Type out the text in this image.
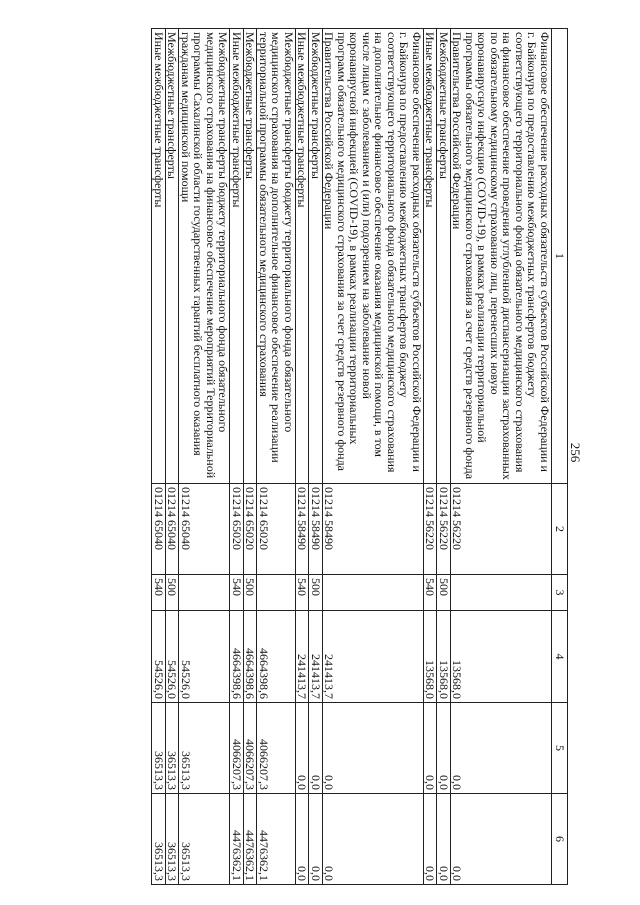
256
1	2	3	4	5	6
Финансовое обеспечение расходных обязательств субъектов Российской Федерации и г. Байконура по предоставлению межбюджетных трансфертов бюджету соответствующего территориального фонда обязательного медицинского страхования на финансовое обеспечение проведения углубленной диспансеризации застрахованных по обязательному медицинскому страхованию лиц, перенесших новую коронавирусную инфекцию (COVID-19), в рамках реализации территориальной программы обязательного медицинского страхования за счет средств резервного фонда Правительства Российской Федерации	01214 56220		13568,0	0,0	0,0
Межбюджетные трансферты	01214 56220	500	13568,0	0,0	0,0
Иные межбюджетные трансферты	01214 56220	540	13568,0	0,0	0,0
Финансовое обеспечение расходных обязательств субъектов Российской Федерации и г. Байконура по предоставлению межбюджетных трансфертов бюджету соответствующего территориального фонда обязательного медицинского страхования на дополнительное финансовое обеспечение оказания медицинской помощи, в том числе лицам с заболеванием и (или) подозрением на заболевание новой коронавирусной инфекцией (COVID-19), в рамках реализации территориальных программ обязательного медицинского страхования за счет средств резервного фонда Правительства Российской Федерации	01214 58490		241413,7	0,0	0,0
Межбюджетные трансферты	01214 58490	500	241413,7	0,0	0,0
Иные межбюджетные трансферты	01214 58490	540	241413,7	0,0	0,0
Межбюджетные трансферты бюджету территориального фонда обязательного медицинского страхования на дополнительное финансовое обеспечение реализации территориальной программы обязательного медицинского страхования	01214 65020		4664398,6	4066207,3	4476362,1
Межбюджетные трансферты	01214 65020	500	4664398,6	4066207,3	4476362,1
Иные межбюджетные трансферты	01214 65020	540	4664398,6	4066207,3	4476362,1
Межбюджетные трансферты бюджету территориального фонда обязательного медицинского страхования на финансовое обеспечение мероприятий Территориальной программы Сахалинской области государственных гарантий бесплатного оказания гражданам медицинской помощи	01214 65040		54526,0	36513,3	36513,3
Межбюджетные трансферты	01214 65040	500	54526,0	36513,3	36513,3
Иные межбюджетные трансферты	01214 65040	540	54526,0	36513,3	36513,3
